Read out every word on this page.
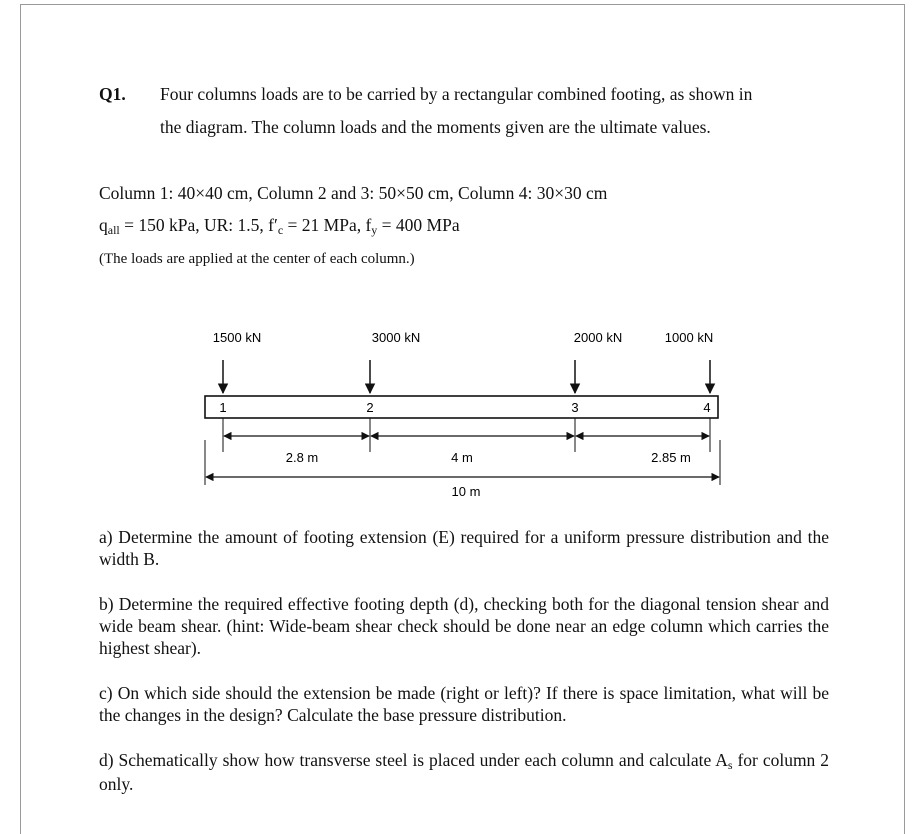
Q1. Four columns loads are to be carried by a rectangular combined footing, as shown in
the diagram. The column loads and the moments given are the ultimate values.
Column 1: 40×40 cm, Column 2 and 3: 50×50 cm, Column 4: 30×30 cm
qall = 150 kPa, UR: 1.5, f′c = 21 MPa, fy = 400 MPa
(The loads are applied at the center of each column.)
1500 kN	3000 kN	2000 kN	1000 kN
1	2	3	4
2.8 m	4 m	2.85 m
10 m
a) Determine the amount of footing extension (E) required for a uniform pressure distribution and the width B.
b) Determine the required effective footing depth (d), checking both for the diagonal tension shear and wide beam shear. (hint: Wide-beam shear check should be done near an edge column which carries the highest shear).
c) On which side should the extension be made (right or left)? If there is space limitation, what will be the changes in the design? Calculate the base pressure distribution.
d) Schematically show how transverse steel is placed under each column and calculate As for column 2 only.
